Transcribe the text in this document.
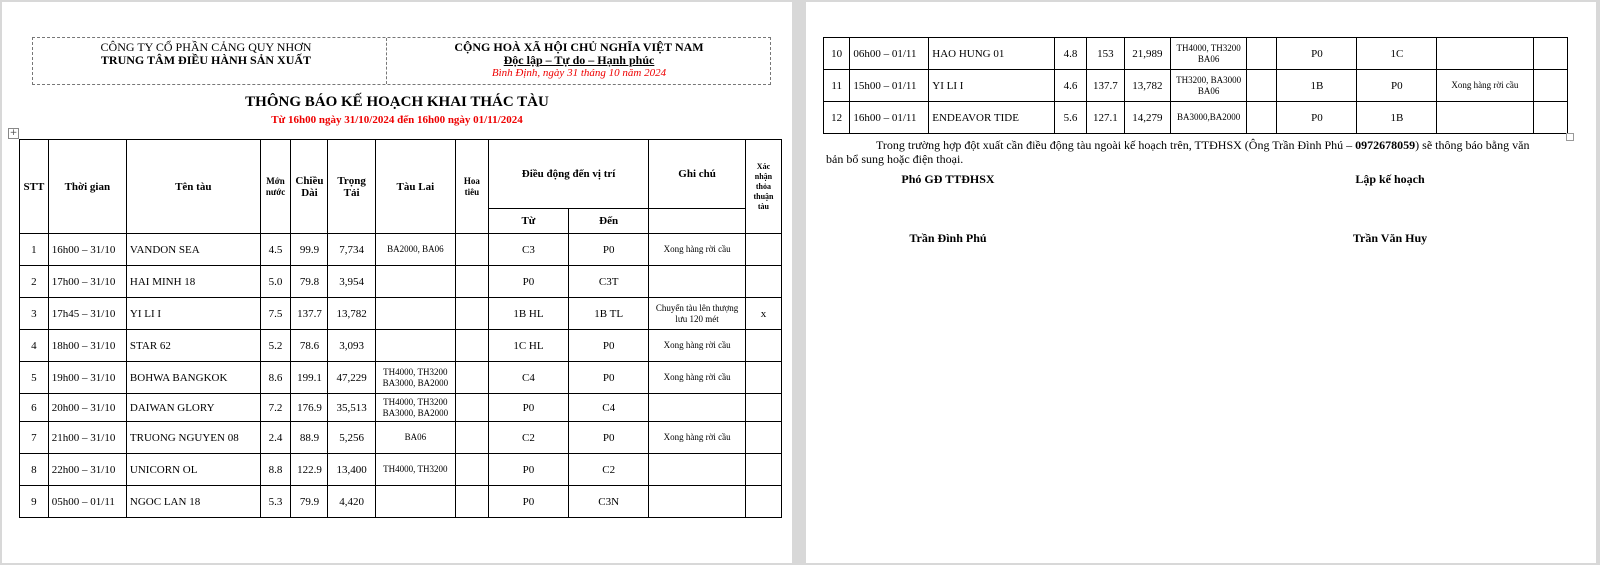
CÔNG TY CỔ PHẦN CẢNG QUY NHƠN
TRUNG TÂM ĐIỀU HÀNH SẢN XUẤT
CỘNG HOÀ XÃ HỘI CHỦ NGHĨA VIỆT NAM
Độc lập – Tự do – Hạnh phúc
Bình Định, ngày 31 tháng 10 năm 2024
THÔNG BÁO KẾ HOẠCH KHAI THÁC TÀU
Từ 16h00 ngày 31/10/2024 đến 16h00 ngày 01/11/2024
+
STT	Thời gian	Tên tàu	Mớn nước	Chiều Dài	Trọng Tải	Tàu Lai	Hoa tiêu	Điều động đến vị trí		Ghi chú	Xác nhận thỏa thuận tàu
								Từ	Đến		
1	16h00 – 31/10	VANDON SEA	4.5	99.9	7,734	BA2000, BA06		C3	P0	Xong hàng rời cầu	
2	17h00 – 31/10	HAI MINH 18	5.0	79.8	3,954			P0	C3T		
3	17h45 – 31/10	YI LI I	7.5	137.7	13,782			1B HL	1B TL	Chuyển tàu lên thượng lưu 120 mét	x
4	18h00 – 31/10	STAR 62	5.2	78.6	3,093			1C HL	P0	Xong hàng rời cầu	
5	19h00 – 31/10	BOHWA BANGKOK	8.6	199.1	47,229	TH4000, TH3200 BA3000, BA2000		C4	P0	Xong hàng rời cầu	
6	20h00 – 31/10	DAIWAN GLORY	7.2	176.9	35,513	TH4000, TH3200 BA3000, BA2000		P0	C4		
7	21h00 – 31/10	TRUONG NGUYEN 08	2.4	88.9	5,256	BA06		C2	P0	Xong hàng rời cầu	
8	22h00 – 31/10	UNICORN OL	8.8	122.9	13,400	TH4000, TH3200		P0	C2		
9	05h00 – 01/11	NGOC LAN 18	5.3	79.9	4,420			P0	C3N		
10	06h00 – 01/11	HAO HUNG 01	4.8	153	21,989	TH4000, TH3200 BA06		P0	1C		
11	15h00 – 01/11	YI LI I	4.6	137.7	13,782	TH3200, BA3000 BA06		1B	P0	Xong hàng rời cầu	
12	16h00 – 01/11	ENDEAVOR TIDE	5.6	127.1	14,279	BA3000,BA2000		P0	1B		
Trong trường hợp đột xuất cần điều động tàu ngoài kế hoạch trên, TTĐHSX (Ông Trần Đình Phú – 0972678059) sẽ thông báo bằng văn bản bổ sung hoặc điện thoại.
Phó GĐ TTĐHSX	Lập kế hoạch
Trần Đình Phú	Trần Văn Huy
